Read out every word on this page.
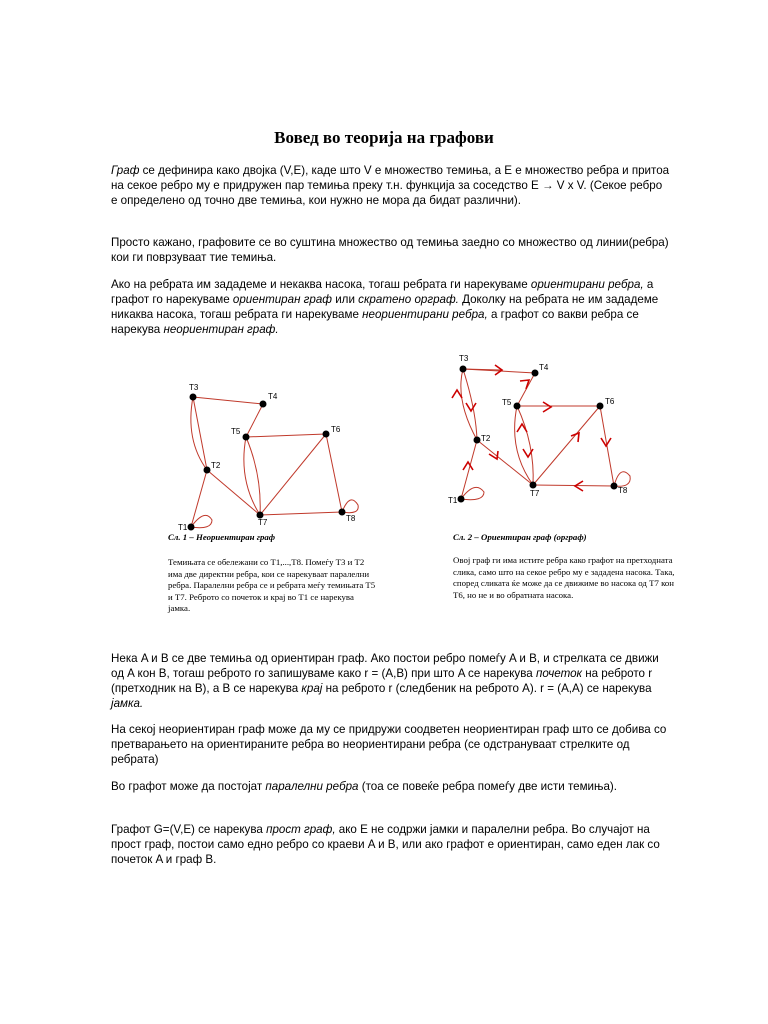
Вовед во теорија на графови

Граф се дефинира како двојка (V,E), каде што V е множество темиња, а E е множество ребра и притоа на секое ребро му е придружен пар темиња преку т.н. функција за соседство E → V x V. (Секое ребро е определено од точно две темиња, кои нужно не мора да бидат различни).

Просто кажано, графовите се во суштина множество од темиња заедно со множество од линии(ребра) кои ги поврзуваат тие темиња.

Ако на ребрата им зададеме и некаква насока, тогаш ребрата ги нарекуваме ориентирани ребра, а графот го нарекуваме ориентиран граф или скратено орграф. Доколку на ребрата не им зададеме никаква насока, тогаш ребрата ги нарекуваме неориентирани ребра, а графот со вакви ребра се нарекува неориентиран граф.

T1
T2
T3
T4
T5	T6
T7	T8
Сл. 1 – Неориентиран граф

Темињата се обележани со T1,...,T8. Помеѓу T3 и T2 има две директни ребра, кои се нарекуваат паралелни ребра. Паралелни ребра се и ребрата меѓу темињата T5 и T7. Реброто со почеток и крај во T1 се нарекува јамка.

T1
T2
T3
T4
T5	T6
T7	T8
Сл. 2 – Ориентиран граф (орграф)

Овој граф ги има истите ребра како графот на претходната слика, само што на секое ребро му е зададена насока. Така, според сликата ќе може да се движиме во насока од T7 кон T6, но не и во обратната насока.

Нека A и B се две темиња од ориентиран граф. Ако постои ребро помеѓу A и B, и стрелката се движи од A кон B, тогаш реброто го запишуваме како r = (A,B) при што A се нарекува почеток на реброто r (претходник на B), а B се нарекува крај на реброто r (следбеник на реброто A). r = (A,A) се нарекува јамка.

На секој неориентиран граф може да му се придружи соодветен неориентиран граф што се добива со претварањето на ориентираните ребра во неориентирани ребра (се одстрануваат стрелките од ребрата)

Во графот може да постојат паралелни ребра (тоа се повеќе ребра помеѓу две исти темиња).

Графот G=(V,E) се нарекува прост граф, ако E не содржи јамки и паралелни ребра. Во случајот на прост граф, постои само едно ребро со краеви A и B, или ако графот е ориентиран, само еден лак со почеток A и граф B.
